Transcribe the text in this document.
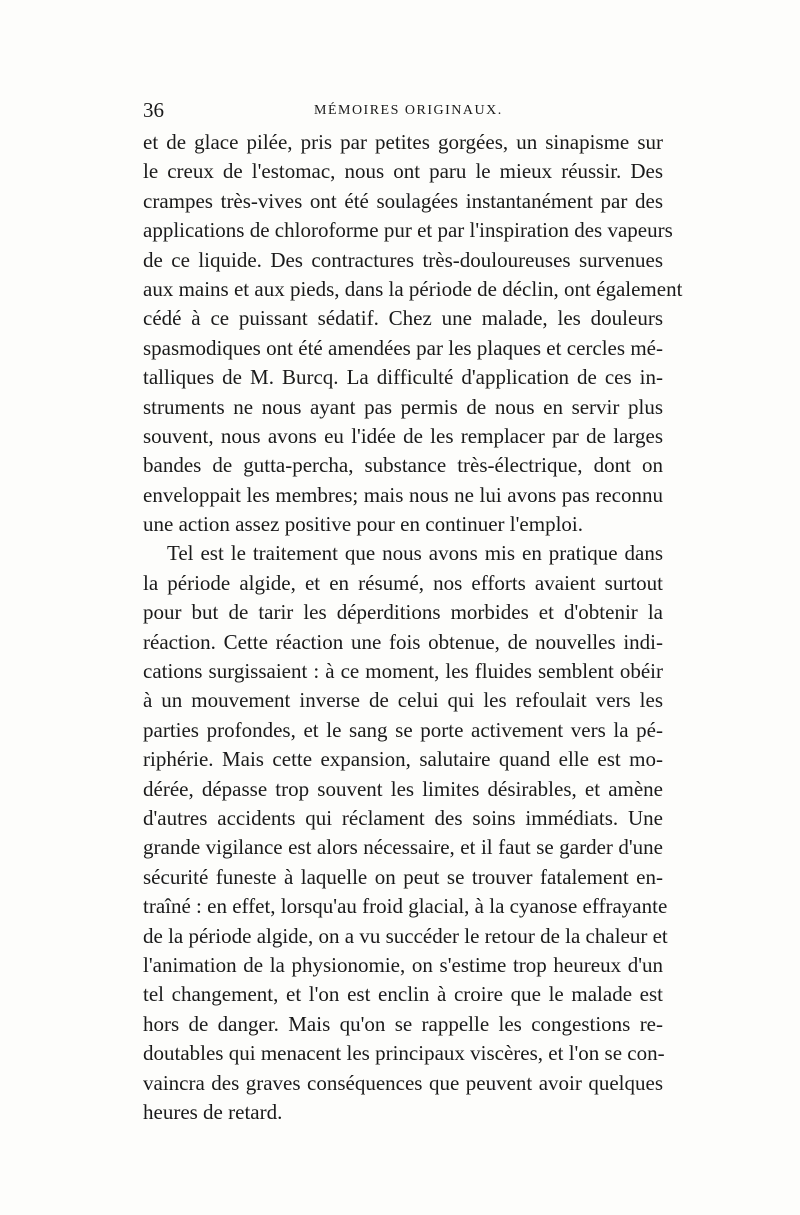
36	MÉMOIRES ORIGINAUX.
et de glace pilée, pris par petites gorgées, un sinapisme sur
le creux de l'estomac, nous ont paru le mieux réussir. Des
crampes très-vives ont été soulagées instantanément par des
applications de chloroforme pur et par l'inspiration des vapeurs
de ce liquide. Des contractures très-douloureuses survenues
aux mains et aux pieds, dans la période de déclin, ont également
cédé à ce puissant sédatif. Chez une malade, les douleurs
spasmodiques ont été amendées par les plaques et cercles mé-
talliques de M. Burcq. La difficulté d'application de ces in-
struments ne nous ayant pas permis de nous en servir plus
souvent, nous avons eu l'idée de les remplacer par de larges
bandes de gutta-percha, substance très-électrique, dont on
enveloppait les membres; mais nous ne lui avons pas reconnu
une action assez positive pour en continuer l'emploi.
Tel est le traitement que nous avons mis en pratique dans
la période algide, et en résumé, nos efforts avaient surtout
pour but de tarir les déperditions morbides et d'obtenir la
réaction. Cette réaction une fois obtenue, de nouvelles indi-
cations surgissaient : à ce moment, les fluides semblent obéir
à un mouvement inverse de celui qui les refoulait vers les
parties profondes, et le sang se porte activement vers la pé-
riphérie. Mais cette expansion, salutaire quand elle est mo-
dérée, dépasse trop souvent les limites désirables, et amène
d'autres accidents qui réclament des soins immédiats. Une
grande vigilance est alors nécessaire, et il faut se garder d'une
sécurité funeste à laquelle on peut se trouver fatalement en-
traîné : en effet, lorsqu'au froid glacial, à la cyanose effrayante
de la période algide, on a vu succéder le retour de la chaleur et
l'animation de la physionomie, on s'estime trop heureux d'un
tel changement, et l'on est enclin à croire que le malade est
hors de danger. Mais qu'on se rappelle les congestions re-
doutables qui menacent les principaux viscères, et l'on se con-
vaincra des graves conséquences que peuvent avoir quelques
heures de retard.
